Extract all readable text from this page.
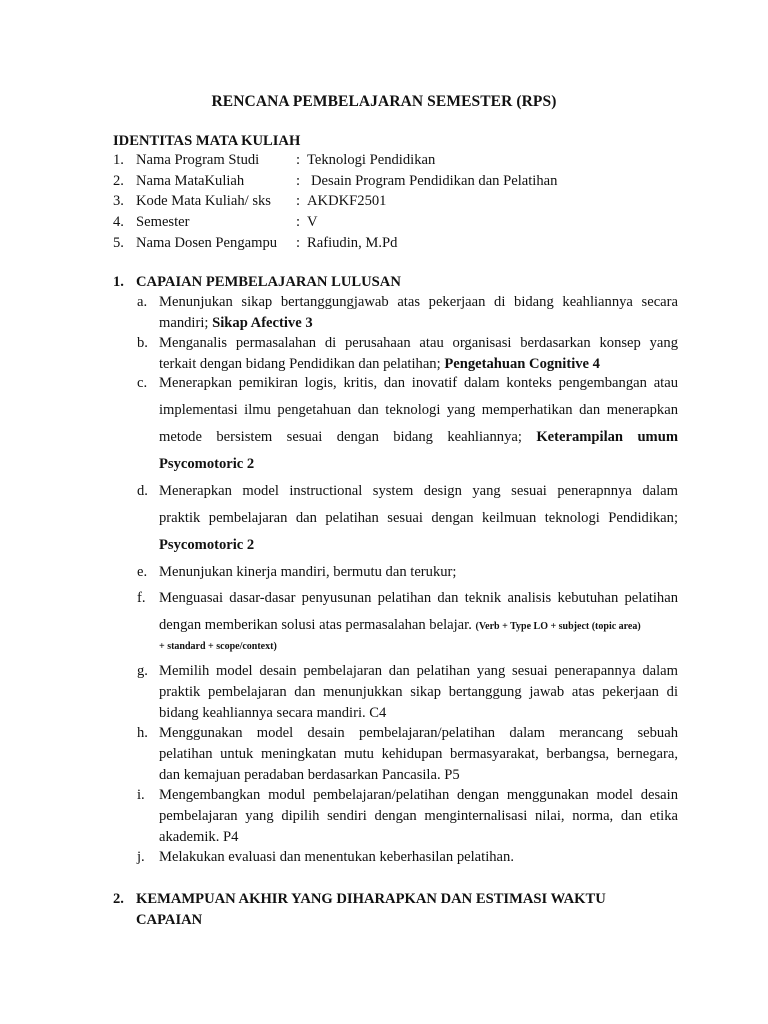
RENCANA PEMBELAJARAN SEMESTER (RPS)
IDENTITAS MATA KULIAH
1. Nama Program Studi	: Teknologi Pendidikan
2. Nama MataKuliah	: Desain Program Pendidikan dan Pelatihan
3. Kode Mata Kuliah/ sks : AKDKF2501
4. Semester	: V
5. Nama Dosen Pengampu : Rafiudin, M.Pd
1. CAPAIAN PEMBELAJARAN LULUSAN
a. Menunjukan sikap bertanggungjawab atas pekerjaan di bidang keahliannya secara
mandiri; Sikap Afective 3
b. Menganalis permasalahan di perusahaan atau organisasi berdasarkan konsep yang
terkait dengan bidang Pendidikan dan pelatihan; Pengetahuan Cognitive 4
c. Menerapkan pemikiran logis, kritis, dan inovatif dalam konteks pengembangan atau
implementasi ilmu pengetahuan dan teknologi yang memperhatikan dan menerapkan
metode bersistem sesuai dengan bidang keahliannya; Keterampilan umum
Psycomotoric 2
d. Menerapkan model instructional system design yang sesuai penerapnnya dalam
praktik pembelajaran dan pelatihan sesuai dengan keilmuan teknologi Pendidikan;
Psycomotoric 2
e. Menunjukan kinerja mandiri, bermutu dan terukur;
f. Menguasai dasar-dasar penyusunan pelatihan dan teknik analisis kebutuhan pelatihan
dengan memberikan solusi atas permasalahan belajar. (Verb + Type LO + subject (topic area)
+ standard + scope/context)
g. Memilih model desain pembelajaran dan pelatihan yang sesuai penerapannya dalam
praktik pembelajaran dan menunjukkan sikap bertanggung jawab atas pekerjaan di
bidang keahliannya secara mandiri. C4
h. Menggunakan model desain pembelajaran/pelatihan dalam merancang sebuah
pelatihan untuk meningkatan mutu kehidupan bermasyarakat, berbangsa, bernegara,
dan kemajuan peradaban berdasarkan Pancasila. P5
i. Mengembangkan modul pembelajaran/pelatihan dengan menggunakan model desain
pembelajaran yang dipilih sendiri dengan menginternalisasi nilai, norma, dan etika
akademik. P4
j. Melakukan evaluasi dan menentukan keberhasilan pelatihan.
2. KEMAMPUAN AKHIR YANG DIHARAPKAN DAN ESTIMASI WAKTU
CAPAIAN
